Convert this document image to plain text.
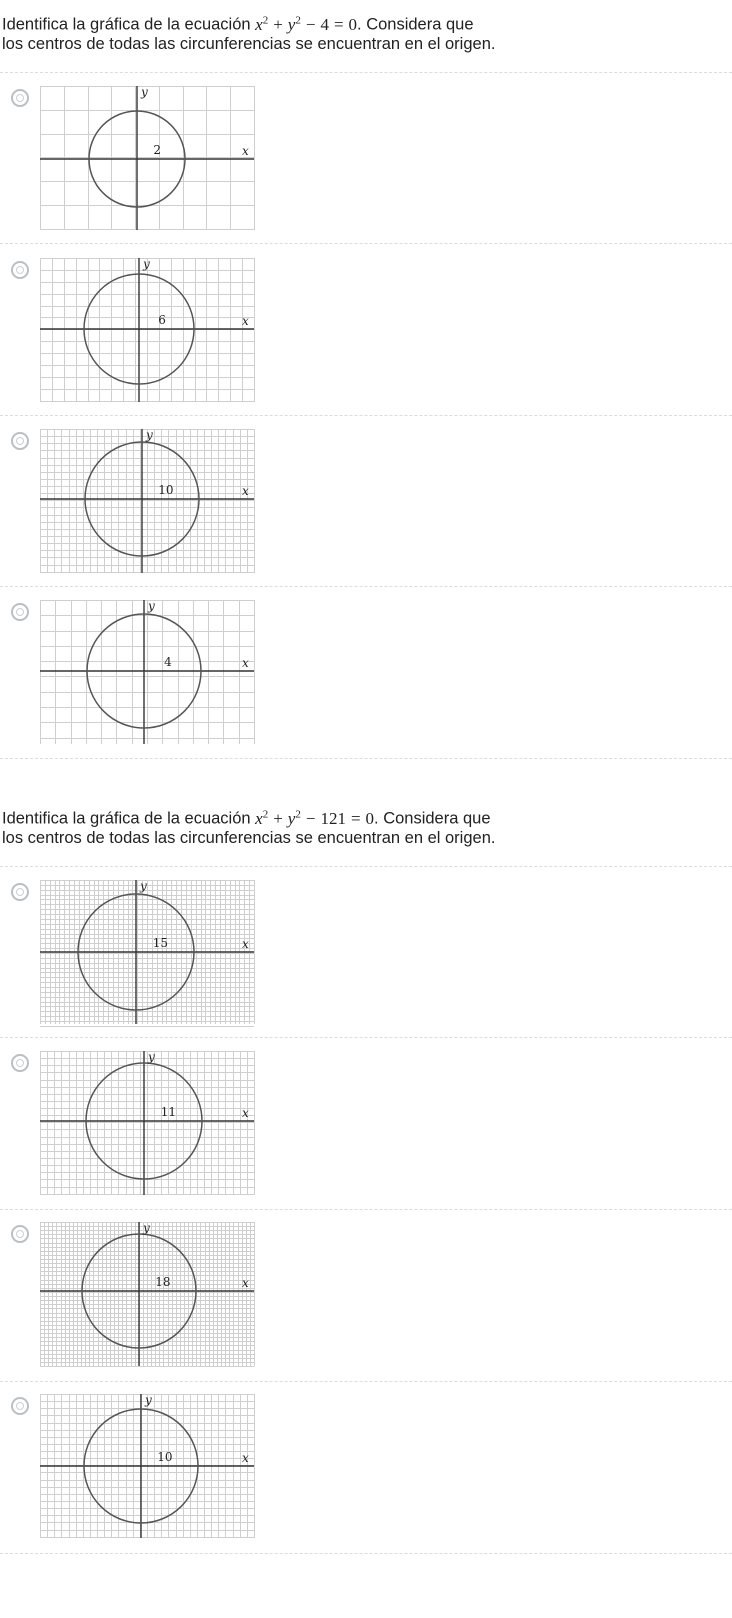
Identifica la gráfica de la ecuación $x^2 + y^2 - 4 = 0$. Considera que
los centros de todas las circunferencias se encuentran en el origen.
Identifica la gráfica de la ecuación $x^2 + y^2 - 121 = 0$. Considera que
los centros de todas las circunferencias se encuentran en el origen.
2	x
y
6	x
y
10	x
y
4	x
y
15	x
y
11	x
y
18	x
y
10	x
y
